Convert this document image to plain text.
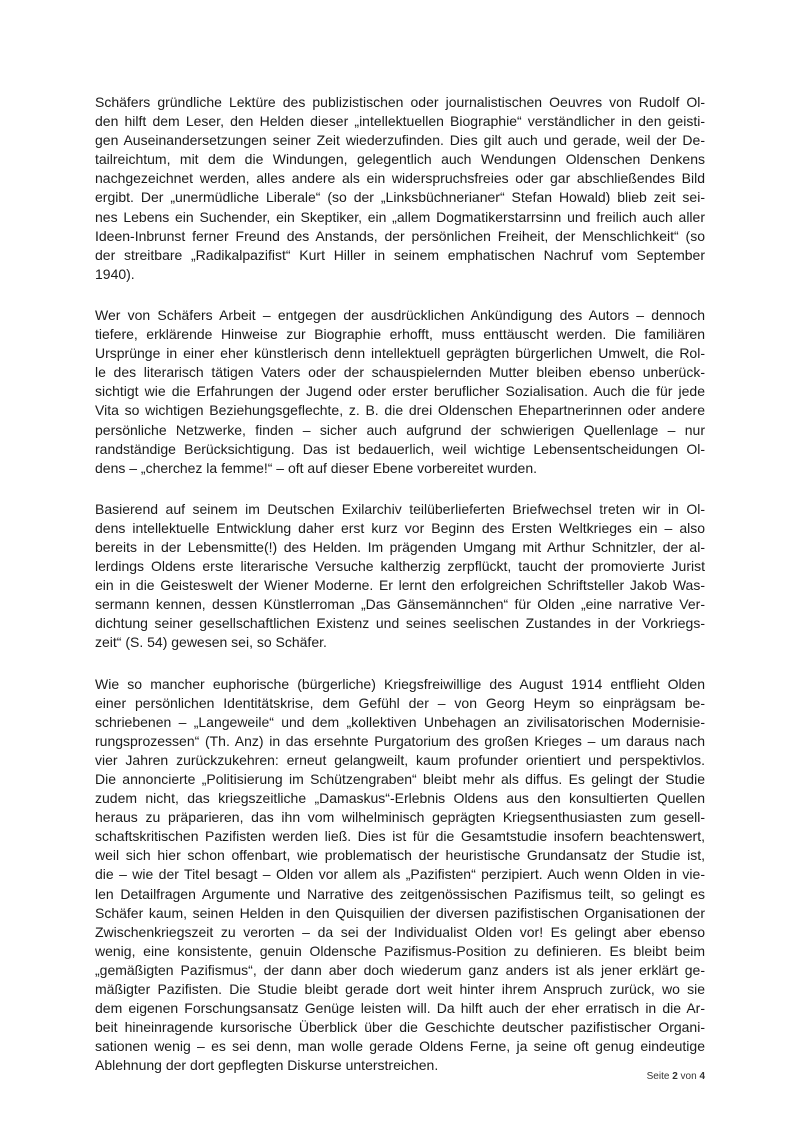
Schäfers gründliche Lektüre des publizistischen oder journalistischen Oeuvres von Rudolf Ol-
den hilft dem Leser, den Helden dieser „intellektuellen Biographie“ verständlicher in den geisti-
gen Auseinandersetzungen seiner Zeit wiederzufinden. Dies gilt auch und gerade, weil der De-
tailreichtum, mit dem die Windungen, gelegentlich auch Wendungen Oldenschen Denkens
nachgezeichnet werden, alles andere als ein widerspruchsfreies oder gar abschließendes Bild
ergibt. Der „unermüdliche Liberale“ (so der „Linksbüchnerianer“ Stefan Howald) blieb zeit sei-
nes Lebens ein Suchender, ein Skeptiker, ein „allem Dogmatikerstarrsinn und freilich auch aller
Ideen-Inbrunst ferner Freund des Anstands, der persönlichen Freiheit, der Menschlichkeit“ (so
der streitbare „Radikalpazifist“ Kurt Hiller in seinem emphatischen Nachruf vom September
1940).

Wer von Schäfers Arbeit – entgegen der ausdrücklichen Ankündigung des Autors – dennoch
tiefere, erklärende Hinweise zur Biographie erhofft, muss enttäuscht werden. Die familiären
Ursprünge in einer eher künstlerisch denn intellektuell geprägten bürgerlichen Umwelt, die Rol-
le des literarisch tätigen Vaters oder der schauspielernden Mutter bleiben ebenso unberück-
sichtigt wie die Erfahrungen der Jugend oder erster beruflicher Sozialisation. Auch die für jede
Vita so wichtigen Beziehungsgeflechte, z. B. die drei Oldenschen Ehepartnerinnen oder andere
persönliche Netzwerke, finden – sicher auch aufgrund der schwierigen Quellenlage – nur
randständige Berücksichtigung. Das ist bedauerlich, weil wichtige Lebensentscheidungen Ol-
dens – „cherchez la femme!“ – oft auf dieser Ebene vorbereitet wurden.

Basierend auf seinem im Deutschen Exilarchiv teilüberlieferten Briefwechsel treten wir in Ol-
dens intellektuelle Entwicklung daher erst kurz vor Beginn des Ersten Weltkrieges ein – also
bereits in der Lebensmitte(!) des Helden. Im prägenden Umgang mit Arthur Schnitzler, der al-
lerdings Oldens erste literarische Versuche kaltherzig zerpflückt, taucht der promovierte Jurist
ein in die Geisteswelt der Wiener Moderne. Er lernt den erfolgreichen Schriftsteller Jakob Was-
sermann kennen, dessen Künstlerroman „Das Gänsemännchen“ für Olden „eine narrative Ver-
dichtung seiner gesellschaftlichen Existenz und seines seelischen Zustandes in der Vorkriegs-
zeit“ (S. 54) gewesen sei, so Schäfer.

Wie so mancher euphorische (bürgerliche) Kriegsfreiwillige des August 1914 entflieht Olden
einer persönlichen Identitätskrise, dem Gefühl der – von Georg Heym so einprägsam be-
schriebenen – „Langeweile“ und dem „kollektiven Unbehagen an zivilisatorischen Modernisie-
rungsprozessen“ (Th. Anz) in das ersehnte Purgatorium des großen Krieges – um daraus nach
vier Jahren zurückzukehren: erneut gelangweilt, kaum profunder orientiert und perspektivlos.
Die annoncierte „Politisierung im Schützengraben“ bleibt mehr als diffus. Es gelingt der Studie
zudem nicht, das kriegszeitliche „Damaskus“-Erlebnis Oldens aus den konsultierten Quellen
heraus zu präparieren, das ihn vom wilhelminisch geprägten Kriegsenthusiasten zum gesell-
schaftskritischen Pazifisten werden ließ. Dies ist für die Gesamtstudie insofern beachtenswert,
weil sich hier schon offenbart, wie problematisch der heuristische Grundansatz der Studie ist,
die – wie der Titel besagt – Olden vor allem als „Pazifisten“ perzipiert. Auch wenn Olden in vie-
len Detailfragen Argumente und Narrative des zeitgenössischen Pazifismus teilt, so gelingt es
Schäfer kaum, seinen Helden in den Quisquilien der diversen pazifistischen Organisationen der
Zwischenkriegszeit zu verorten – da sei der Individualist Olden vor! Es gelingt aber ebenso
wenig, eine konsistente, genuin Oldensche Pazifismus-Position zu definieren. Es bleibt beim
„gemäßigten Pazifismus“, der dann aber doch wiederum ganz anders ist als jener erklärt ge-
mäßigter Pazifisten. Die Studie bleibt gerade dort weit hinter ihrem Anspruch zurück, wo sie
dem eigenen Forschungsansatz Genüge leisten will. Da hilft auch der eher erratisch in die Ar-
beit hineinragende kursorische Überblick über die Geschichte deutscher pazifistischer Organi-
sationen wenig – es sei denn, man wolle gerade Oldens Ferne, ja seine oft genug eindeutige
Ablehnung der dort gepflegten Diskurse unterstreichen.

Seite 2 von 4
